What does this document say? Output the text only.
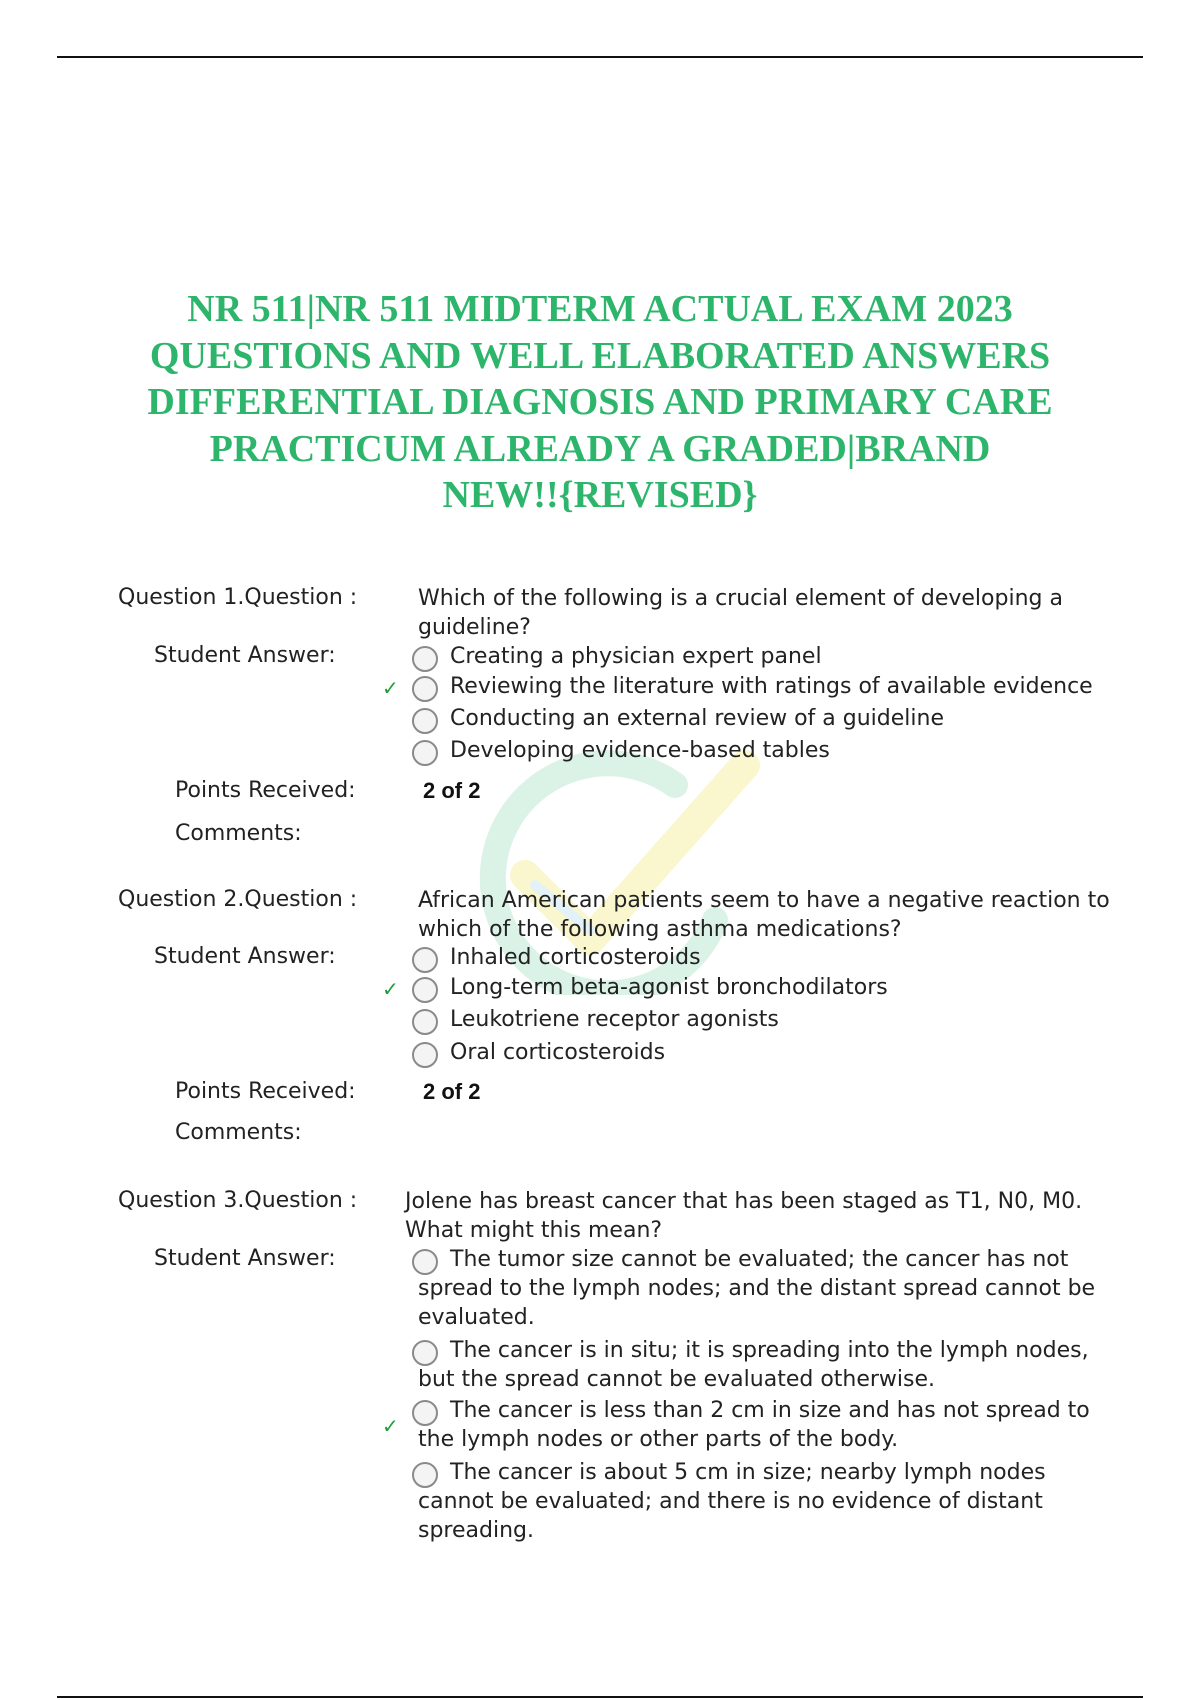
NR 511|NR 511 MIDTERM ACTUAL EXAM 2023
QUESTIONS AND WELL ELABORATED ANSWERS
DIFFERENTIAL DIAGNOSIS AND PRIMARY CARE
PRACTICUM ALREADY A GRADED|BRAND
NEW!!{REVISED}
Question 1.Question :	Which of the following is a crucial element of developing a guideline?
Student Answer:	Creating a physician expert panel
✓ Reviewing the literature with ratings of available evidence
Conducting an external review of a guideline
Developing evidence-based tables
Points Received:	2 of 2
Comments:
Question 2.Question :	African American patients seem to have a negative reaction to which of the following asthma medications?
Student Answer:	Inhaled corticosteroids
✓ Long-term beta-agonist bronchodilators
Leukotriene receptor agonists
Oral corticosteroids
Points Received:	2 of 2
Comments:
Question 3.Question : Jolene has breast cancer that has been staged as T1, N0, M0. What might this mean?
Student Answer:	The tumor size cannot be evaluated; the cancer has not spread to the lymph nodes; and the distant spread cannot be evaluated.
The cancer is in situ; it is spreading into the lymph nodes, but the spread cannot be evaluated otherwise.
✓
The cancer is less than 2 cm in size and has not spread to the lymph nodes or other parts of the body.
The cancer is about 5 cm in size; nearby lymph nodes cannot be evaluated; and there is no evidence of distant spreading.
